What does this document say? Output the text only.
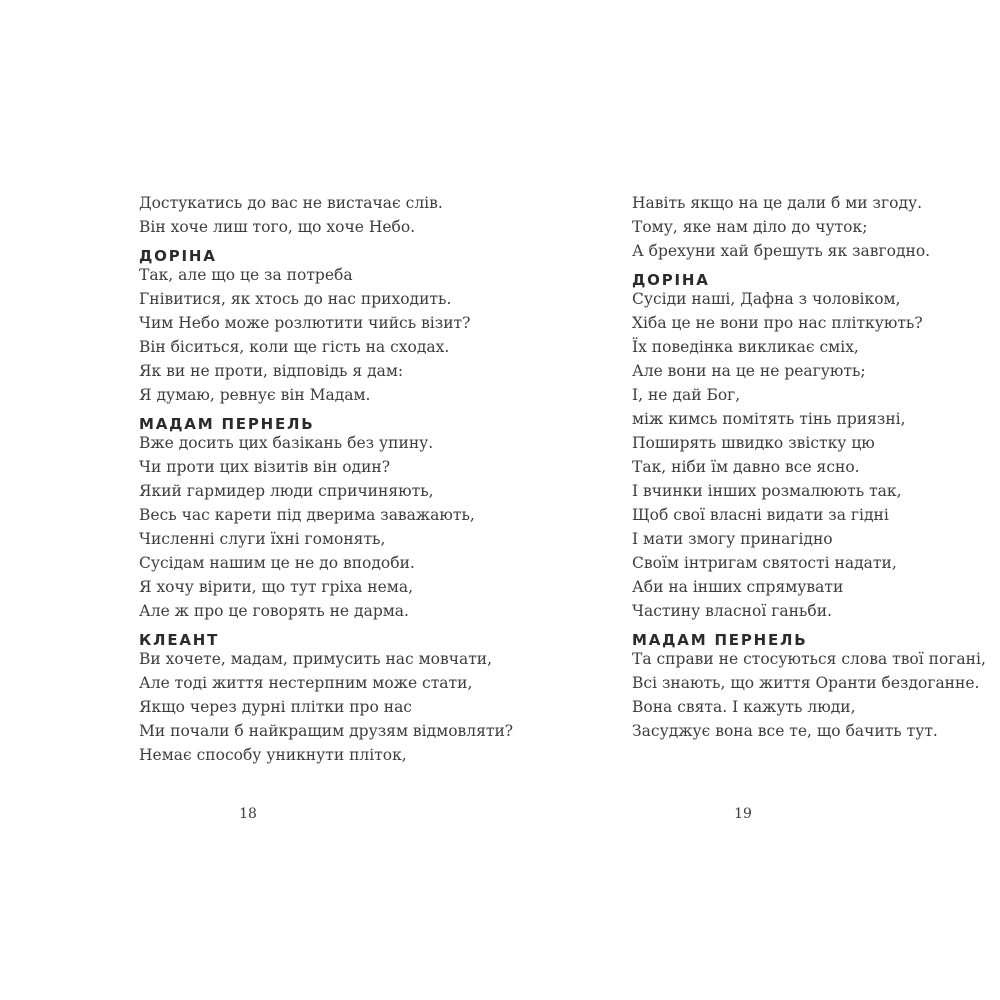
Достукатись до вас не вистачає слів.
Він хоче лиш того, що хоче Небо.
ДОРІНА
Так, але що це за потреба
Гнівитися, як хтось до нас приходить.
Чим Небо може розлютити чийсь візит?
Він біситься, коли ще гість на сходах.
Як ви не проти, відповідь я дам:
Я думаю, ревнує він Мадам.
МАДАМ ПЕРНЕЛЬ
Вже досить цих базікань без упину.
Чи проти цих візитів він один?
Який гармидер люди спричиняють,
Весь час карети під дверима заважають,
Численні слуги їхні гомонять,
Сусідам нашим це не до вподоби.
Я хочу вірити, що тут гріха нема,
Але ж про це говорять не дарма.
КЛЕАНТ
Ви хочете, мадам, примусить нас мовчати,
Але тоді життя нестерпним може стати,
Якщо через дурні плітки про нас
Ми почали б найкращим друзям відмовляти?
Немає способу уникнути пліток,
18
Навіть якщо на це дали б ми згоду.
Тому, яке нам діло до чуток;
А брехуни хай брешуть як завгодно.
ДОРІНА
Сусіди наші, Дафна з чоловіком,
Хіба це не вони про нас пліткують?
Їх поведінка викликає сміх,
Але вони на це не реагують;
І, не дай Бог,
між кимсь помітять тінь приязні,
Поширять швидко звістку цю
Так, ніби їм давно все ясно.
І вчинки інших розмалюють так,
Щоб свої власні видати за гідні
І мати змогу принагідно
Своїм інтригам святості надати,
Аби на інших спрямувати
Частину власної ганьби.
МАДАМ ПЕРНЕЛЬ
Та справи не стосуються слова твої погані,
Всі знають, що життя Оранти бездоганне.
Вона свята. І кажуть люди,
Засуджує вона все те, що бачить тут.
19
